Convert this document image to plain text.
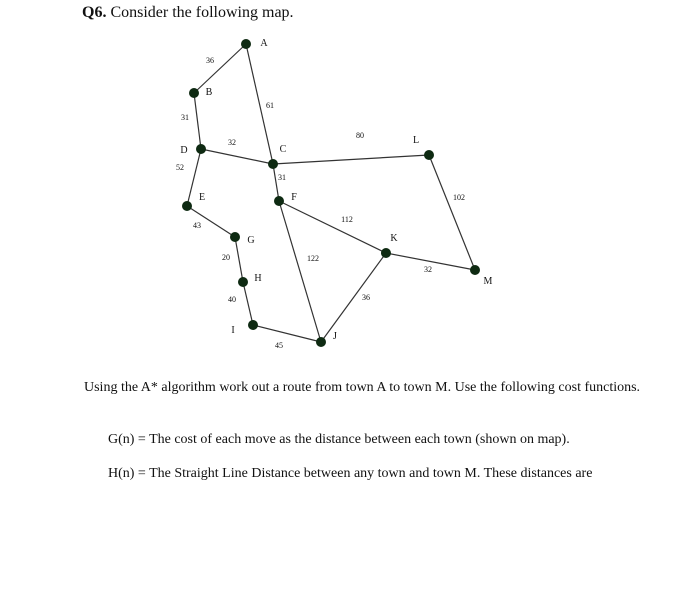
Q6. Consider the following map.
36
61
31
32
52
80
31
43
112
122
102
32
36
20
40
45
A
B
C
D
E	F
G
H
I
J
K
L
M
Using the A* algorithm work out a route from town A to town M. Use the following cost functions.
G(n) = The cost of each move as the distance between each town (shown on map).
H(n) = The Straight Line Distance between any town and town M. These distances are
